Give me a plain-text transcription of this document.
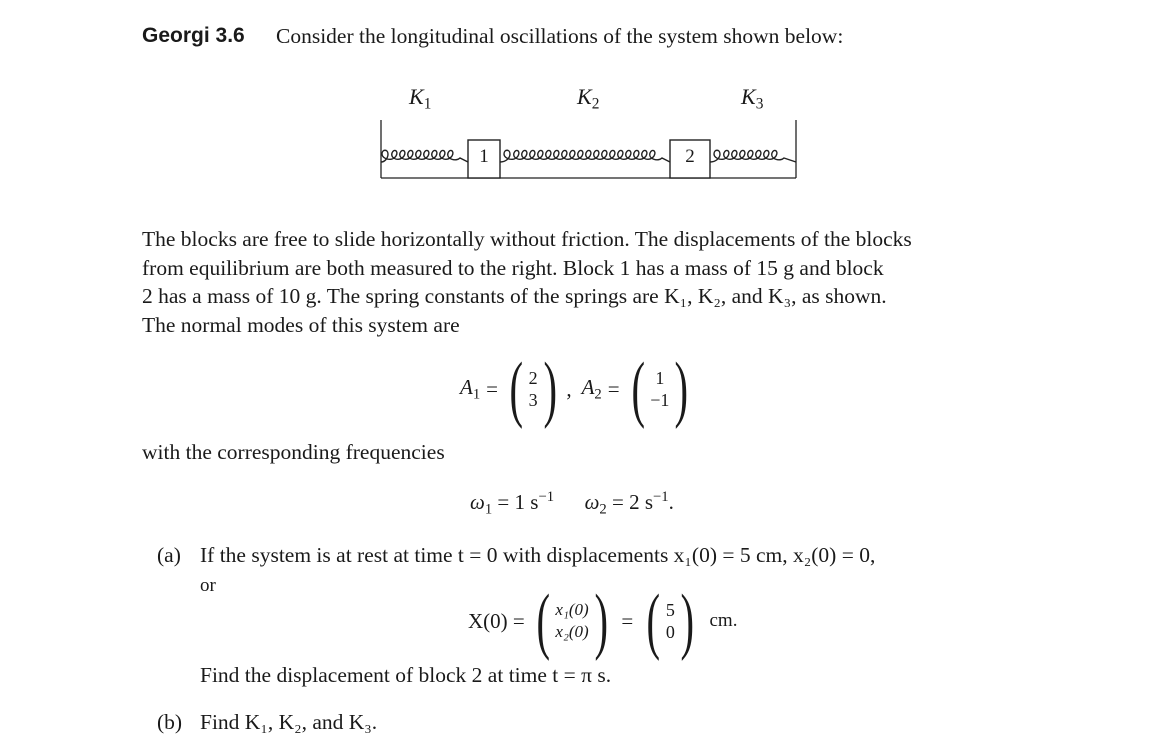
Georgi 3.6 Consider the longitudinal oscillations of the system shown below:
$K_1$	$K_2$	$K_3$
1	2
The blocks are free to slide horizontally without friction. The displacements of the blocks
from equilibrium are both measured to the right. Block 1 has a mass of 15 g and block
2 has a mass of 10 g. The spring constants of the springs are K₁, K₂, and K₃, as shown.
The normal modes of this system are
$A_1$ = ( 2
3 ) , $A_2$ = ( 1
−1 )
with the corresponding frequencies
$\omega_1 = 1$ $s^{-1}$ $\omega_2 = 2$ $s^{-1}$.
(a) If the system is at rest at time t = 0 with displacements x₁(0) = 5 cm, x₂(0) = 0,
or
X(0) = ( x₁(0)
x₂(0) ) = ( 5
0 ) cm.
Find the displacement of block 2 at time t = π s.
(b) Find K₁, K₂, and K₃.
